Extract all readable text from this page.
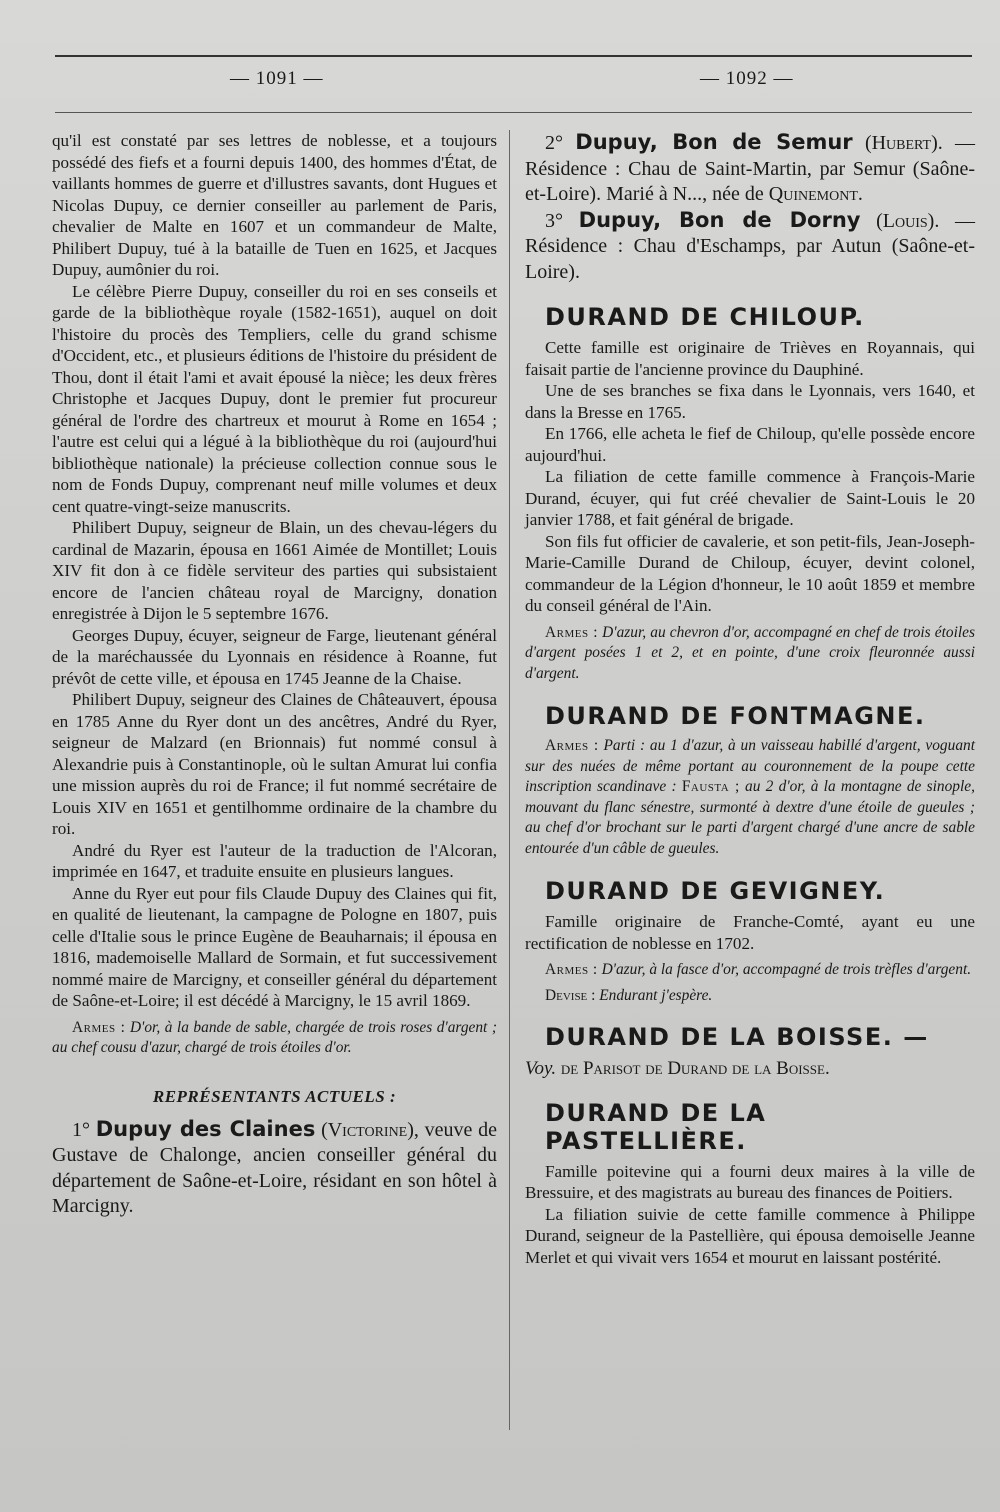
— 1091 —	— 1092 —

qu'il est constaté par ses lettres de noblesse, et a toujours possédé des fiefs et a fourni depuis 1400, des hommes d'État, de vaillants hommes de guerre et d'illustres savants, dont Hugues et Nicolas Dupuy, ce dernier conseiller au parlement de Paris, chevalier de Malte en 1607 et un commandeur de Malte, Philibert Dupuy, tué à la bataille de Tuen en 1625, et Jacques Dupuy, aumônier du roi.

Le célèbre Pierre Dupuy, conseiller du roi en ses conseils et garde de la bibliothèque royale (1582-1651), auquel on doit l'histoire du procès des Templiers, celle du grand schisme d'Occident, etc., et plusieurs éditions de l'histoire du président de Thou, dont il était l'ami et avait épousé la nièce; les deux frères Christophe et Jacques Dupuy, dont le premier fut procureur général de l'ordre des chartreux et mourut à Rome en 1654 ; l'autre est celui qui a légué à la bibliothèque du roi (aujourd'hui bibliothèque nationale) la précieuse collection connue sous le nom de Fonds Dupuy, comprenant neuf mille volumes et deux cent quatre-vingt-seize manuscrits.

Philibert Dupuy, seigneur de Blain, un des chevau-légers du cardinal de Mazarin, épousa en 1661 Aimée de Montillet; Louis XIV fit don à ce fidèle serviteur des parties qui subsistaient encore de l'ancien château royal de Marcigny, donation enregistrée à Dijon le 5 septembre 1676.

Georges Dupuy, écuyer, seigneur de Farge, lieutenant général de la maréchaussée du Lyonnais en résidence à Roanne, fut prévôt de cette ville, et épousa en 1745 Jeanne de la Chaise.

Philibert Dupuy, seigneur des Claines de Châteauvert, épousa en 1785 Anne du Ryer dont un des ancêtres, André du Ryer, seigneur de Malzard (en Brionnais) fut nommé consul à Alexandrie puis à Constantinople, où le sultan Amurat lui confia une mission auprès du roi de France; il fut nommé secrétaire de Louis XIV en 1651 et gentilhomme ordinaire de la chambre du roi.

André du Ryer est l'auteur de la traduction de l'Alcoran, imprimée en 1647, et traduite ensuite en plusieurs langues.

Anne du Ryer eut pour fils Claude Dupuy des Claines qui fit, en qualité de lieutenant, la campagne de Pologne en 1807, puis celle d'Italie sous le prince Eugène de Beauharnais; il épousa en 1816, mademoiselle Mallard de Sormain, et fut successivement nommé maire de Marcigny, et conseiller général du département de Saône-et-Loire; il est décédé à Marcigny, le 15 avril 1869.

Armes : D'or, à la bande de sable, chargée de trois roses d'argent ; au chef cousu d'azur, chargé de trois étoiles d'or.

REPRÉSENTANTS ACTUELS :

1° Dupuy des Claines (Victorine), veuve de Gustave de Chalonge, ancien conseiller général du département de Saône-et-Loire, résidant en son hôtel à Marcigny.

2° Dupuy, Bon de Semur (Hubert). — Résidence : Chau de Saint-Martin, par Semur (Saône-et-Loire). Marié à N..., née de Quinemont.

3° Dupuy, Bon de Dorny (Louis). — Résidence : Chau d'Eschamps, par Autun (Saône-et-Loire).

DURAND DE CHILOUP.

Cette famille est originaire de Trièves en Royannais, qui faisait partie de l'ancienne province du Dauphiné.

Une de ses branches se fixa dans le Lyonnais, vers 1640, et dans la Bresse en 1765.

En 1766, elle acheta le fief de Chiloup, qu'elle possède encore aujourd'hui.

La filiation de cette famille commence à François-Marie Durand, écuyer, qui fut créé chevalier de Saint-Louis le 20 janvier 1788, et fait général de brigade.

Son fils fut officier de cavalerie, et son petit-fils, Jean-Joseph-Marie-Camille Durand de Chiloup, écuyer, devint colonel, commandeur de la Légion d'honneur, le 10 août 1859 et membre du conseil général de l'Ain.

Armes : D'azur, au chevron d'or, accompagné en chef de trois étoiles d'argent posées 1 et 2, et en pointe, d'une croix fleuronnée aussi d'argent.

DURAND DE FONTMAGNE.

Armes : Parti : au 1 d'azur, à un vaisseau habillé d'argent, voguant sur des nuées de même portant au couronnement de la poupe cette inscription scandinave : Fausta ; au 2 d'or, à la montagne de sinople, mouvant du flanc sénestre, surmonté à dextre d'une étoile de gueules ; au chef d'or brochant sur le parti d'argent chargé d'une ancre de sable entourée d'un câble de gueules.

DURAND DE GEVIGNEY.

Famille originaire de Franche-Comté, ayant eu une rectification de noblesse en 1702.

Armes : D'azur, à la fasce d'or, accompagné de trois trèfles d'argent.

Devise : Endurant j'espère.

DURAND DE LA BOISSE. —

Voy. de Parisot de Durand de la Boisse.

DURAND DE LA PASTELLIÈRE.

Famille poitevine qui a fourni deux maires à la ville de Bressuire, et des magistrats au bureau des finances de Poitiers.

La filiation suivie de cette famille commence à Philippe Durand, seigneur de la Pastellière, qui épousa demoiselle Jeanne Merlet et qui vivait vers 1654 et mourut en laissant postérité.
